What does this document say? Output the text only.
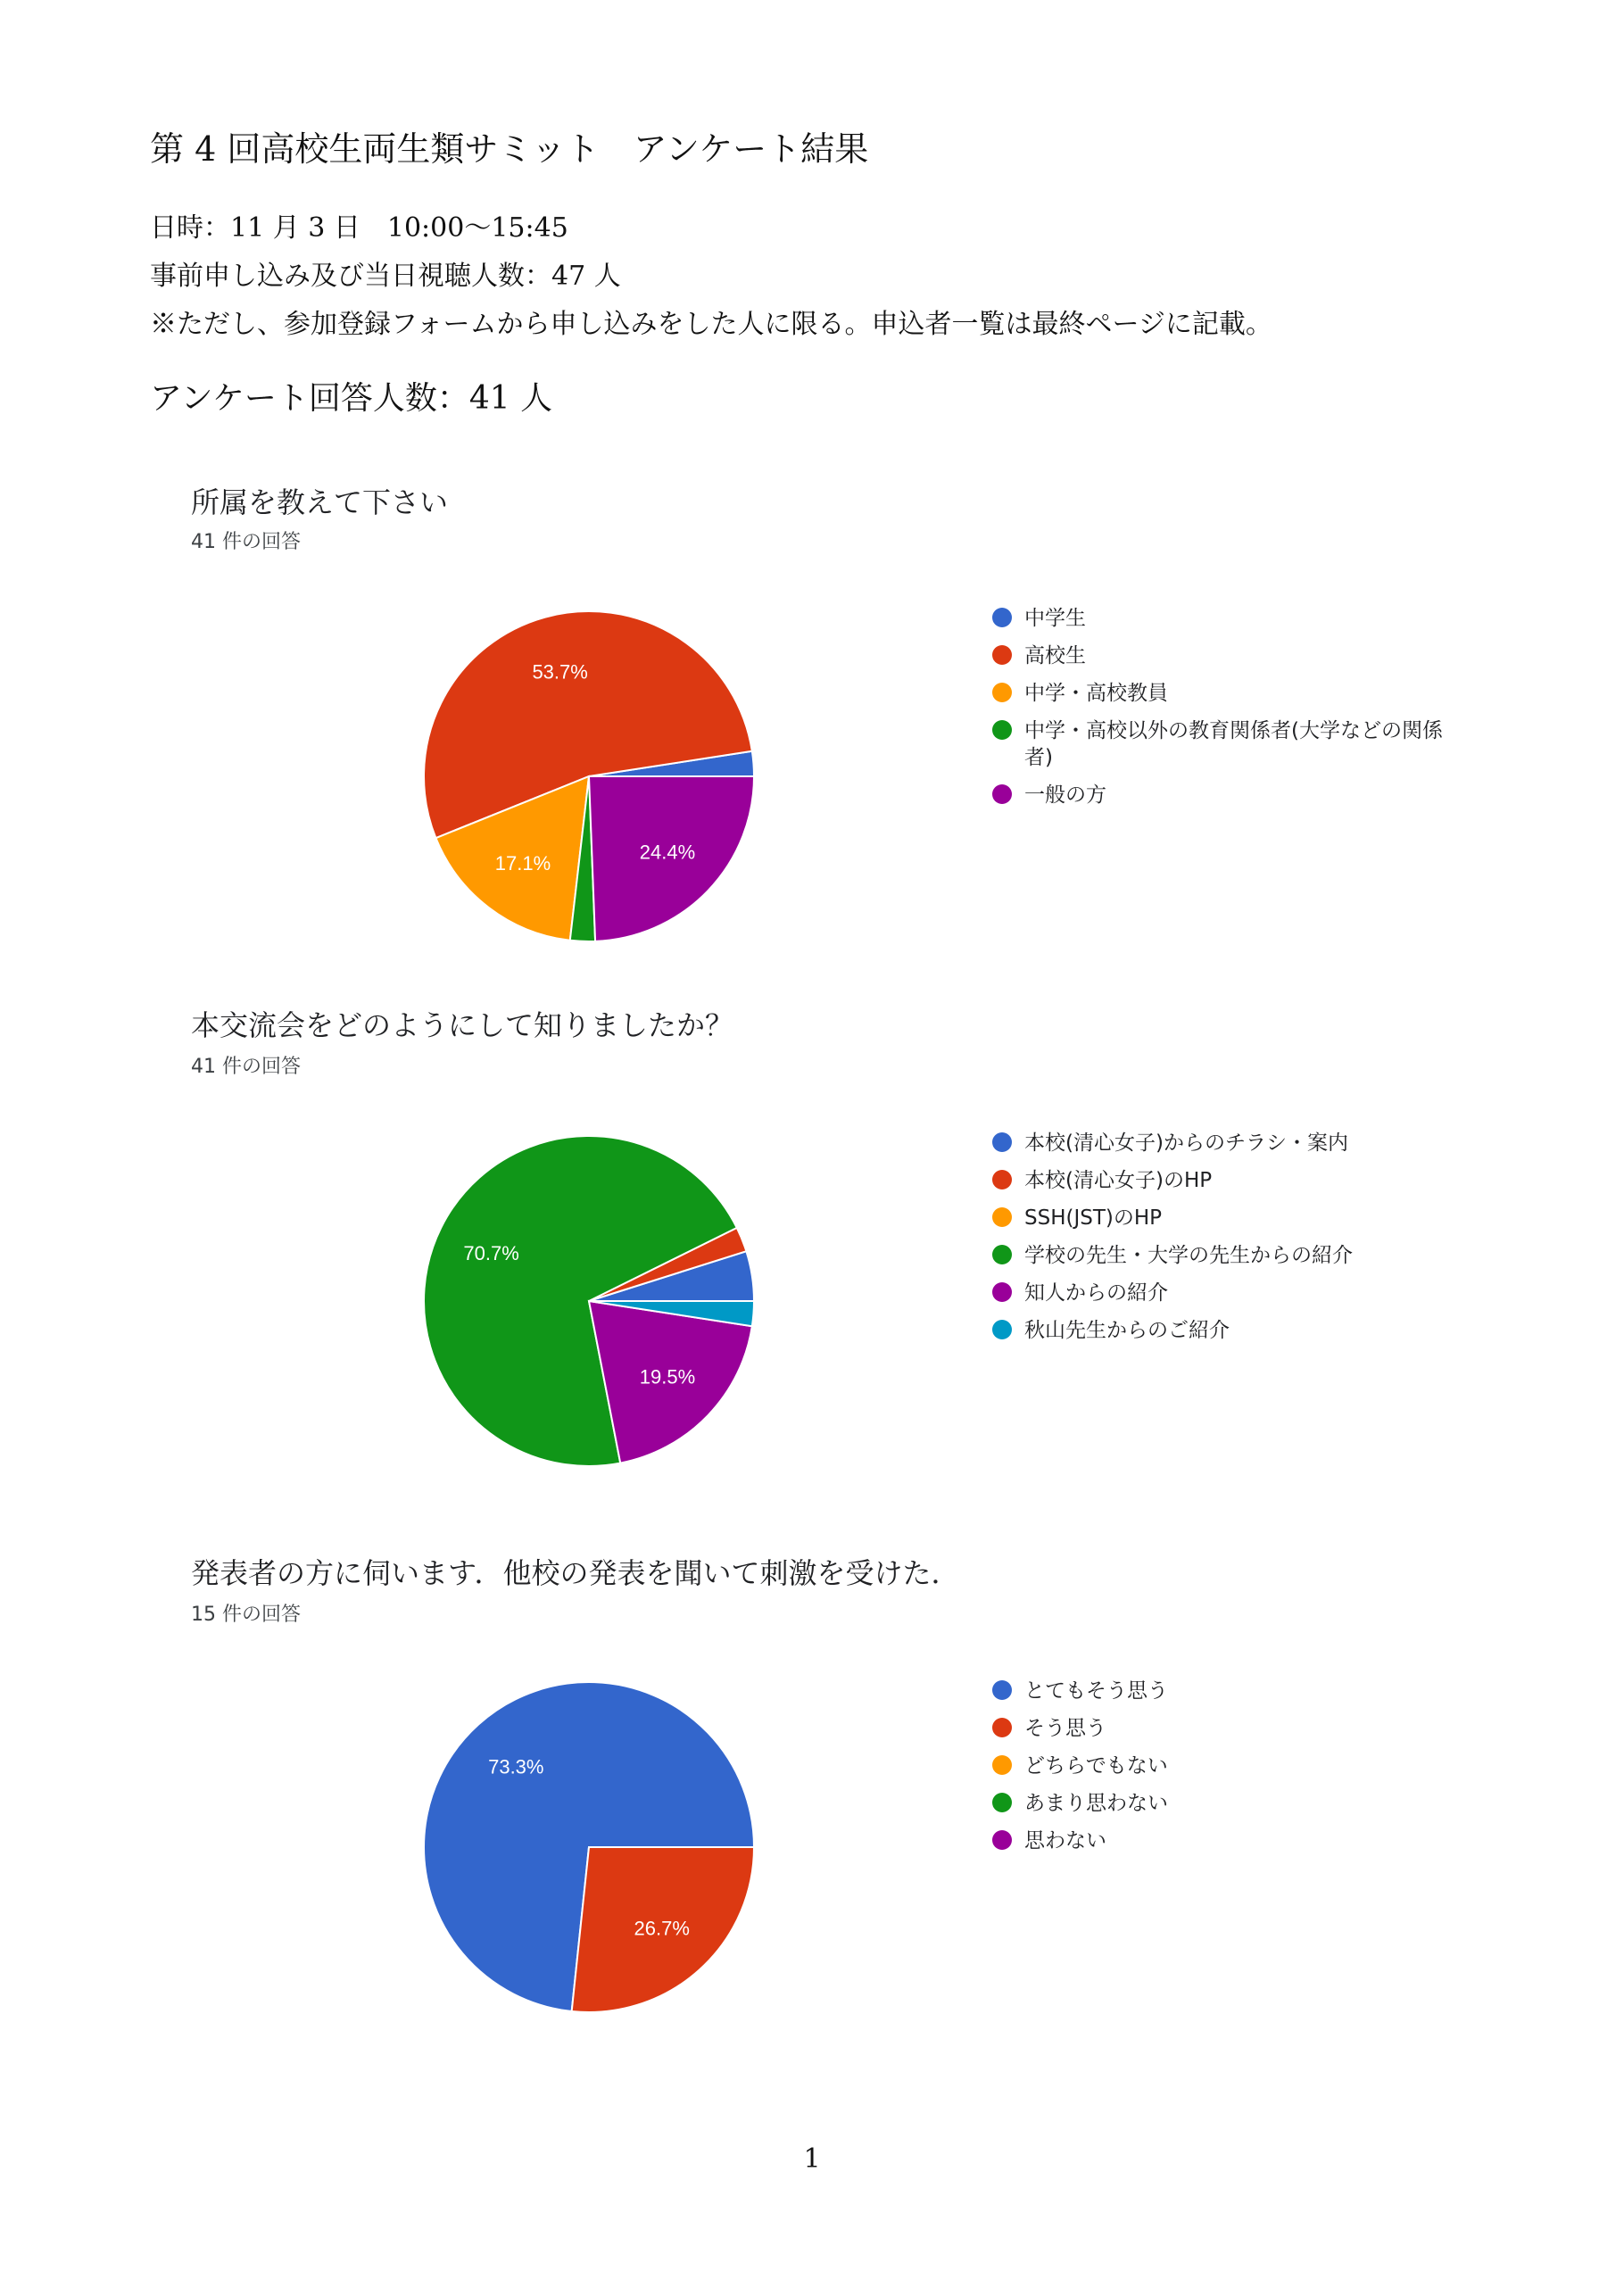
第 4 回高校生両生類サミット　アンケート結果
日時：11 月 3 日　10:00～15:45
事前申し込み及び当日視聴人数：47 人
※ただし、参加登録フォームから申し込みをした人に限る。申込者一覧は最終ページに記載。
アンケート回答人数：41 人
所属を教えて下さい
41 件の回答
53.7%
17.1%	24.4%
中学生
高校生
中学・高校教員
中学・高校以外の教育関係者(大学などの関係者)
一般の方
本交流会をどのようにして知りましたか？
41 件の回答
70.7%
19.5%
本校(清心女子)からのチラシ・案内
本校(清心女子)のHP
SSH(JST)のHP
学校の先生・大学の先生からの紹介
知人からの紹介
秋山先生からのご紹介
発表者の方に伺います．他校の発表を聞いて刺激を受けた．
15 件の回答
73.3%
26.7%
とてもそう思う
そう思う
どちらでもない
あまり思わない
思わない
1
